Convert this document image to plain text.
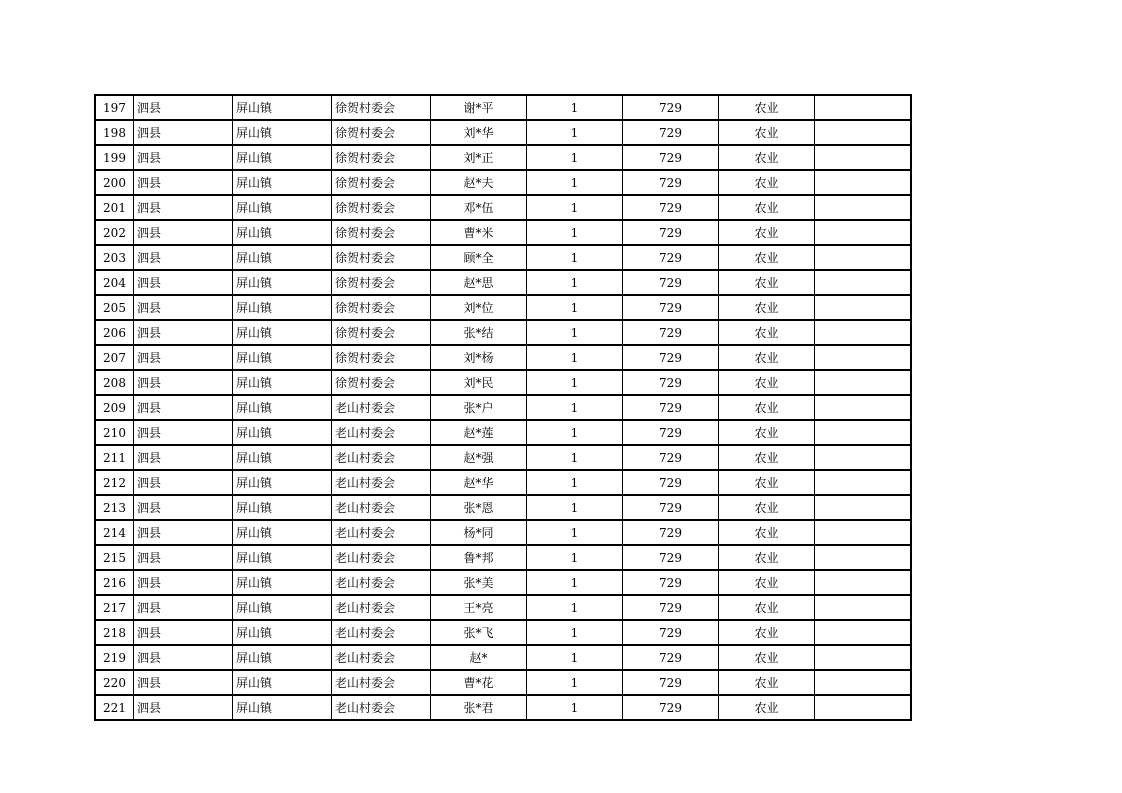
197	泗县	屏山镇	徐贺村委会	谢*平	1	729	农业	
198	泗县	屏山镇	徐贺村委会	刘*华	1	729	农业	
199	泗县	屏山镇	徐贺村委会	刘*正	1	729	农业	
200	泗县	屏山镇	徐贺村委会	赵*夫	1	729	农业	
201	泗县	屏山镇	徐贺村委会	邓*伍	1	729	农业	
202	泗县	屏山镇	徐贺村委会	曹*米	1	729	农业	
203	泗县	屏山镇	徐贺村委会	顾*全	1	729	农业	
204	泗县	屏山镇	徐贺村委会	赵*思	1	729	农业	
205	泗县	屏山镇	徐贺村委会	刘*位	1	729	农业	
206	泗县	屏山镇	徐贺村委会	张*结	1	729	农业	
207	泗县	屏山镇	徐贺村委会	刘*杨	1	729	农业	
208	泗县	屏山镇	徐贺村委会	刘*民	1	729	农业	
209	泗县	屏山镇	老山村委会	张*户	1	729	农业	
210	泗县	屏山镇	老山村委会	赵*莲	1	729	农业	
211	泗县	屏山镇	老山村委会	赵*强	1	729	农业	
212	泗县	屏山镇	老山村委会	赵*华	1	729	农业	
213	泗县	屏山镇	老山村委会	张*恩	1	729	农业	
214	泗县	屏山镇	老山村委会	杨*同	1	729	农业	
215	泗县	屏山镇	老山村委会	鲁*邦	1	729	农业	
216	泗县	屏山镇	老山村委会	张*美	1	729	农业	
217	泗县	屏山镇	老山村委会	王*亮	1	729	农业	
218	泗县	屏山镇	老山村委会	张*飞	1	729	农业	
219	泗县	屏山镇	老山村委会	赵*	1	729	农业	
220	泗县	屏山镇	老山村委会	曹*花	1	729	农业	
221	泗县	屏山镇	老山村委会	张*君	1	729	农业	
